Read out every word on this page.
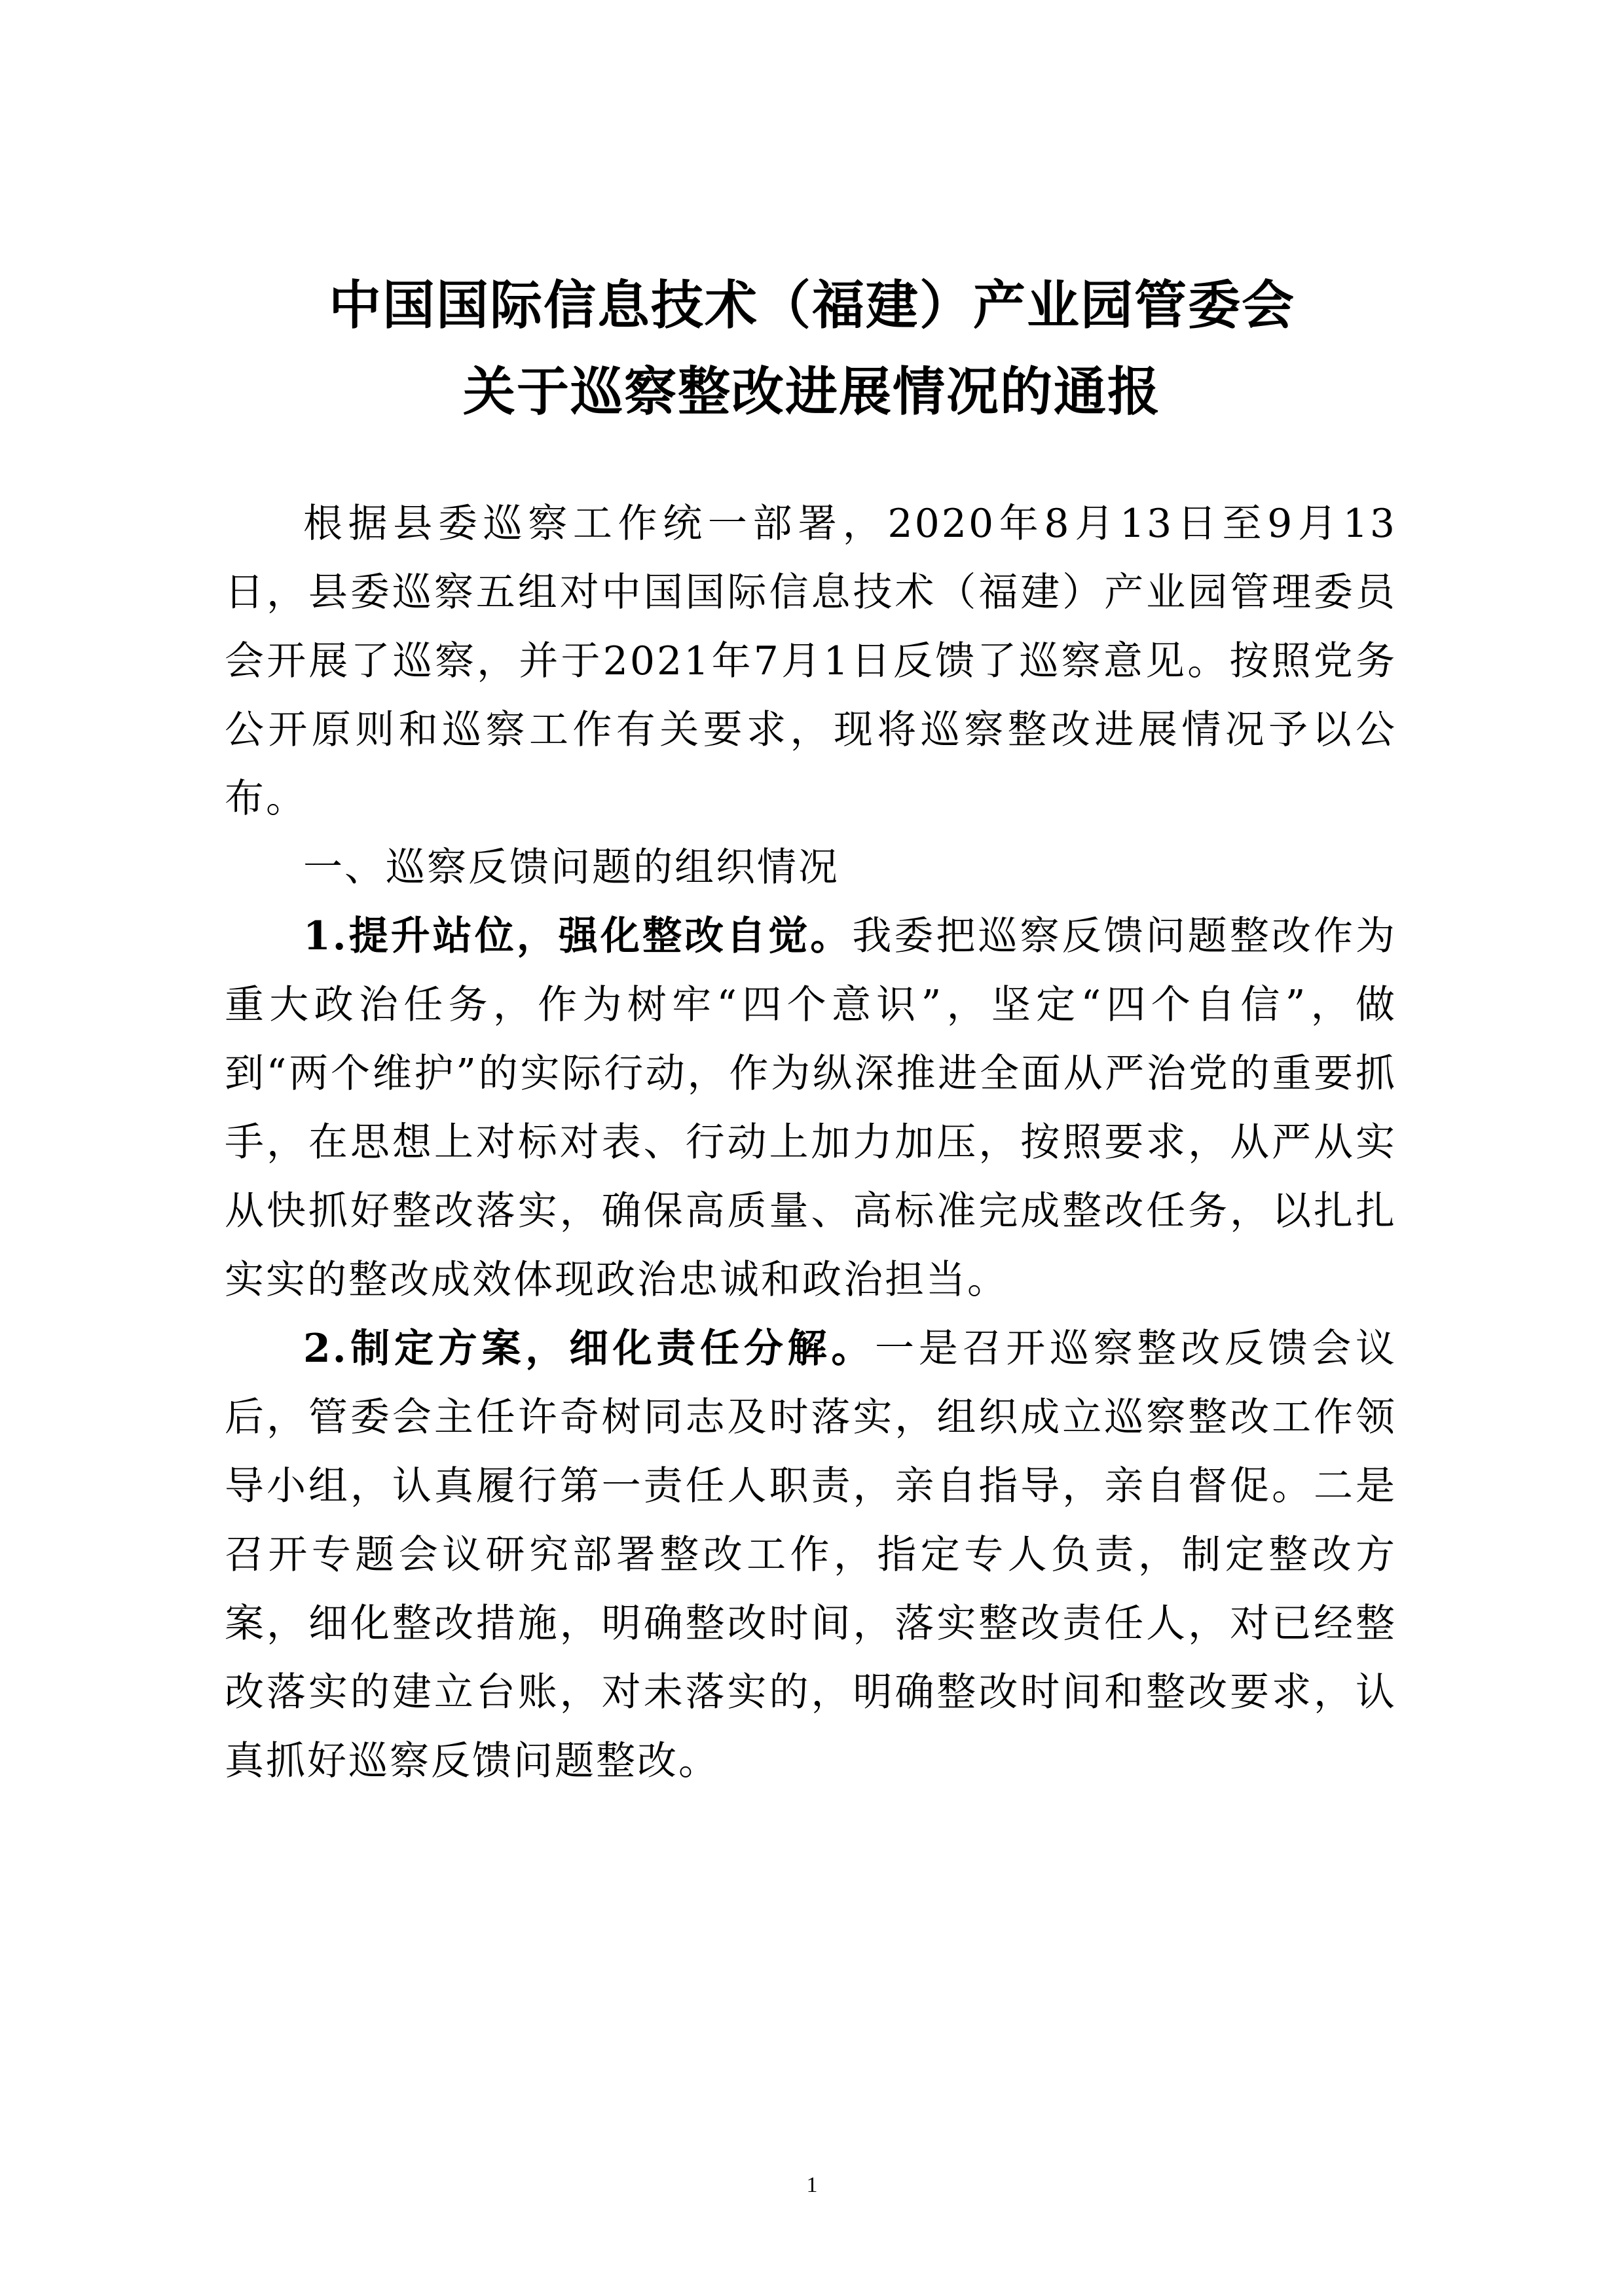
中国国际信息技术（福建）产业园管委会
关于巡察整改进展情况的通报

根据县委巡察工作统一部署，2020年8月13日至9月13日，县委巡察五组对中国国际信息技术（福建）产业园管理委员会开展了巡察，并于2021年7月1日反馈了巡察意见。按照党务公开原则和巡察工作有关要求，现将巡察整改进展情况予以公布。

一、巡察反馈问题的组织情况

1.提升站位，强化整改自觉。我委把巡察反馈问题整改作为重大政治任务，作为树牢“四个意识”，坚定“四个自信”，做到“两个维护”的实际行动，作为纵深推进全面从严治党的重要抓手，在思想上对标对表、行动上加力加压，按照要求，从严从实从快抓好整改落实，确保高质量、高标准完成整改任务，以扎扎实实的整改成效体现政治忠诚和政治担当。

2.制定方案，细化责任分解。一是召开巡察整改反馈会议后，管委会主任许奇树同志及时落实，组织成立巡察整改工作领导小组，认真履行第一责任人职责，亲自指导，亲自督促。二是召开专题会议研究部署整改工作，指定专人负责，制定整改方案，细化整改措施，明确整改时间，落实整改责任人，对已经整改落实的建立台账，对未落实的，明确整改时间和整改要求，认真抓好巡察反馈问题整改。

1
